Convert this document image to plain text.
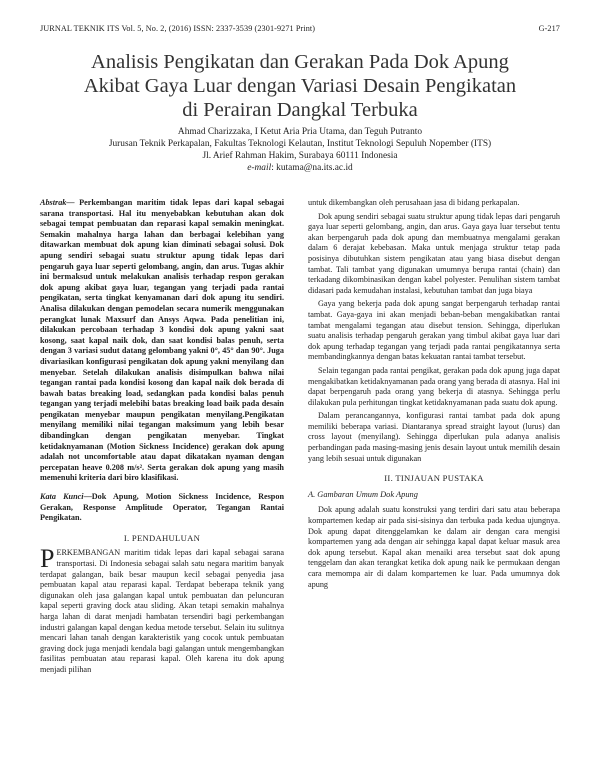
JURNAL TEKNIK ITS Vol. 5, No. 2, (2016) ISSN: 2337-3539 (2301-9271 Print)	G-217
Analisis Pengikatan dan Gerakan Pada Dok Apung
Akibat Gaya Luar dengan Variasi Desain Pengikatan
di Perairan Dangkal Terbuka
Ahmad Charizzaka, I Ketut Aria Pria Utama, dan Teguh Putranto
Jurusan Teknik Perkapalan, Fakultas Teknologi Kelautan, Institut Teknologi Sepuluh Nopember (ITS)
Jl. Arief Rahman Hakim, Surabaya 60111 Indonesia
e-mail: kutama@na.its.ac.id

Abstrak— Perkembangan maritim tidak lepas dari kapal sebagai sarana transportasi. Hal itu menyebabkan kebutuhan akan dok sebagai tempat pembuatan dan reparasi kapal semakin meningkat. Semakin mahalnya harga lahan dan berbagai kelebihan yang ditawarkan membuat dok apung kian diminati sebagai solusi. Dok apung sendiri sebagai suatu struktur apung tidak lepas dari pengaruh gaya luar seperti gelombang, angin, dan arus. Tugas akhir ini bermaksud untuk melakukan analisis terhadap respon gerakan dok apung akibat gaya luar, tegangan yang terjadi pada rantai pengikatan, serta tingkat kenyamanan dari dok apung itu sendiri. Analisa dilakukan dengan pemodelan secara numerik menggunakan perangkat lunak Maxsurf dan Ansys Aqwa. Pada penelitian ini, dilakukan percobaan terhadap 3 kondisi dok apung yakni saat kosong, saat kapal naik dok, dan saat kondisi balas penuh, serta dengan 3 variasi sudut datang gelombang yakni 0°, 45° dan 90°. Juga divariasikan konfigurasi pengikatan dok apung yakni menyilang dan menyebar. Setelah dilakukan analisis disimpulkan bahwa nilai tegangan rantai pada kondisi kosong dan kapal naik dok berada di bawah batas breaking load, sedangkan pada kondisi balas penuh tegangan yang terjadi melebihi batas breaking load baik pada desain pengikatan menyebar maupun pengikatan menyilang.Pengikatan menyilang memiliki nilai tegangan maksimum yang lebih besar dibandingkan dengan pengikatan menyebar. Tingkat ketidaknyamanan (Motion Sickness Incidence) gerakan dok apung adalah not uncomfortable atau dapat dikatakan nyaman dengan percepatan heave 0.208 m/s². Serta gerakan dok apung yang masih memenuhi kriteria dari biro klasifikasi.

Kata Kunci—Dok Apung, Motion Sickness Incidence, Respon Gerakan, Response Amplitude Operator, Tegangan Rantai Pengikatan.

I. PENDAHULUAN

PERKEMBANGAN maritim tidak lepas dari kapal sebagai sarana transportasi. Di Indonesia sebagai salah satu negara maritim banyak terdapat galangan, baik besar maupun kecil sebagai penyedia jasa pembuatan kapal atau reparasi kapal. Terdapat beberapa teknik yang digunakan oleh jasa galangan kapal untuk pembuatan dan peluncuran kapal seperti graving dock atau sliding. Akan tetapi semakin mahalnya harga lahan di darat menjadi hambatan tersendiri bagi perkembangan industri galangan kapal dengan kedua metode tersebut. Selain itu sulitnya mencari lahan tanah dengan karakteristik yang cocok untuk pembuatan graving dock juga menjadi kendala bagi galangan untuk mengembangkan fasilitas pembuatan atau reparasi kapal. Oleh karena itu dok apung menjadi pilihan

untuk dikembangkan oleh perusahaan jasa di bidang perkapalan.

Dok apung sendiri sebagai suatu struktur apung tidak lepas dari pengaruh gaya luar seperti gelombang, angin, dan arus. Gaya gaya luar tersebut tentu akan berpengaruh pada dok apung dan membuatnya mengalami gerakan dalam 6 derajat kebebasan. Maka untuk menjaga struktur tetap pada posisinya dibutuhkan sistem pengikatan atau yang biasa disebut dengan tambat. Tali tambat yang digunakan umumnya berupa rantai (chain) dan terkadang dikombinasikan dengan kabel polyester. Penulihan sistem tambat didasari pada kemudahan instalasi, kebutuhan tambat dan juga biaya

Gaya yang bekerja pada dok apung sangat berpengaruh terhadap rantai tambat. Gaya-gaya ini akan menjadi beban-beban mengakibatkan rantai tambat mengalami tegangan atau disebut tension. Sehingga, diperlukan suatu analisis terhadap pengaruh gerakan yang timbul akibat gaya luar dari dok apung terhadap tegangan yang terjadi pada rantai pengikatannya serta membandingkannya dengan batas kekuatan rantai tambat tersebut.

Selain tegangan pada rantai pengikat, gerakan pada dok apung juga dapat mengakibatkan ketidaknyamanan pada orang yang berada di atasnya. Hal ini dapat berpengaruh pada orang yang bekerja di atasnya. Sehingga perlu dilakukan pula perhitungan tingkat ketidaknyamanan pada suatu dok apung.

Dalam perancangannya, konfigurasi rantai tambat pada dok apung memiliki beberapa variasi. Diantaranya spread straight layout (lurus) dan cross layout (menyilang). Sehingga diperlukan pula adanya analisis perbandingan pada masing-masing jenis desain layout untuk memilih desain yang lebih sesuai untuk digunakan

II. TINJAUAN PUSTAKA
A. Gambaran Umum Dok Apung

Dok apung adalah suatu konstruksi yang terdiri dari satu atau beberapa kompartemen kedap air pada sisi-sisinya dan terbuka pada kedua ujungnya. Dok apung dapat ditenggelamkan ke dalam air dengan cara mengisi kompartemen yang ada dengan air sehingga kapal dapat keluar masuk area dok apung tersebut. Kapal akan menaiki area tersebut saat dok apung tenggelam dan akan terangkat ketika dok apung naik ke permukaan dengan cara memompa air di dalam kompartemen ke luar. Pada umumnya dok apung
